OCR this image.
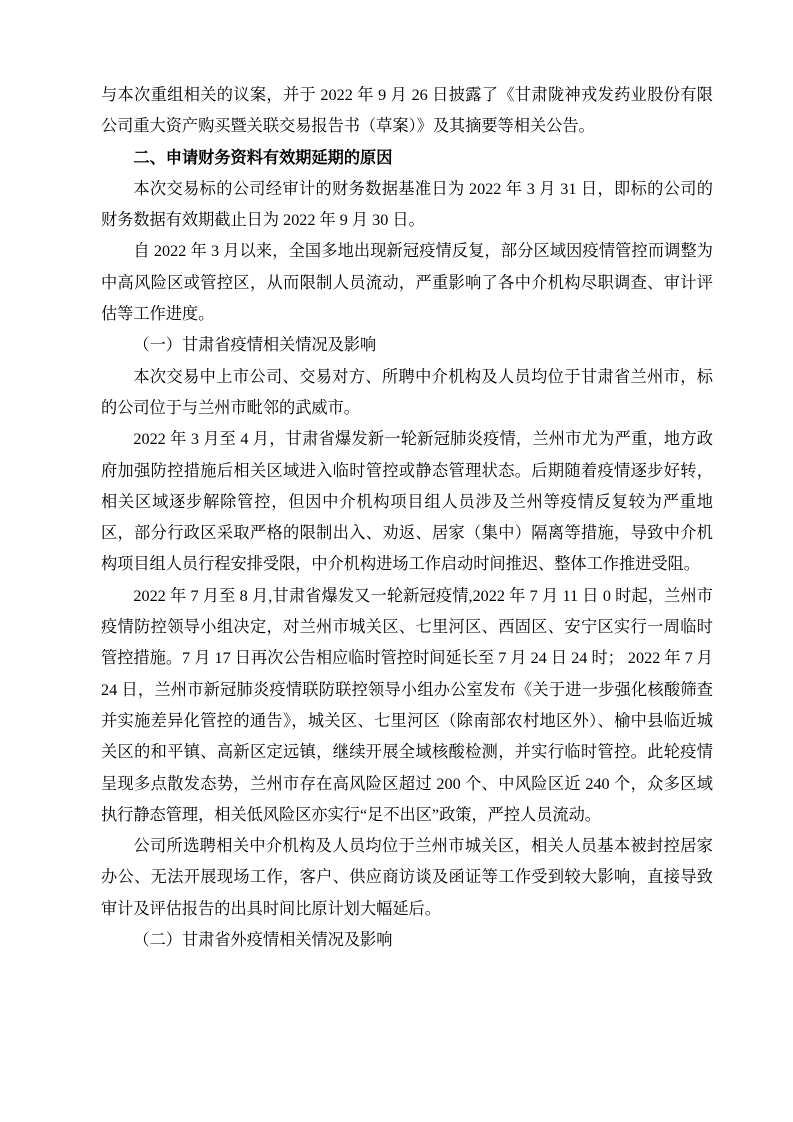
与本次重组相关的议案，并于 2022 年 9 月 26 日披露了《甘肃陇神戎发药业股份有限公司重大资产购买暨关联交易报告书（草案）》及其摘要等相关公告。

二、申请财务资料有效期延期的原因

本次交易标的公司经审计的财务数据基准日为 2022 年 3 月 31 日，即标的公司的财务数据有效期截止日为 2022 年 9 月 30 日。

自 2022 年 3 月以来，全国多地出现新冠疫情反复，部分区域因疫情管控而调整为中高风险区或管控区，从而限制人员流动，严重影响了各中介机构尽职调查、审计评估等工作进度。

（一）甘肃省疫情相关情况及影响

本次交易中上市公司、交易对方、所聘中介机构及人员均位于甘肃省兰州市，标的公司位于与兰州市毗邻的武威市。

2022 年 3 月至 4 月，甘肃省爆发新一轮新冠肺炎疫情，兰州市尤为严重，地方政府加强防控措施后相关区域进入临时管控或静态管理状态。后期随着疫情逐步好转，相关区域逐步解除管控，但因中介机构项目组人员涉及兰州等疫情反复较为严重地区，部分行政区采取严格的限制出入、劝返、居家（集中）隔离等措施，导致中介机构项目组人员行程安排受限，中介机构进场工作启动时间推迟、整体工作推进受阻。

2022 年 7 月至 8 月,甘肃省爆发又一轮新冠疫情,2022 年 7 月 11 日 0 时起，兰州市疫情防控领导小组决定，对兰州市城关区、七里河区、西固区、安宁区实行一周临时管控措施。7 月 17 日再次公告相应临时管控时间延长至 7 月 24 日 24 时； 2022 年 7 月 24 日，兰州市新冠肺炎疫情联防联控领导小组办公室发布《关于进一步强化核酸筛查并实施差异化管控的通告》，城关区、七里河区（除南部农村地区外）、榆中县临近城关区的和平镇、高新区定远镇，继续开展全域核酸检测，并实行临时管控。此轮疫情呈现多点散发态势，兰州市存在高风险区超过 200 个、中风险区近 240 个，众多区域执行静态管理，相关低风险区亦实行“足不出区”政策，严控人员流动。

公司所选聘相关中介机构及人员均位于兰州市城关区，相关人员基本被封控居家办公、无法开展现场工作，客户、供应商访谈及函证等工作受到较大影响，直接导致审计及评估报告的出具时间比原计划大幅延后。

（二）甘肃省外疫情相关情况及影响
